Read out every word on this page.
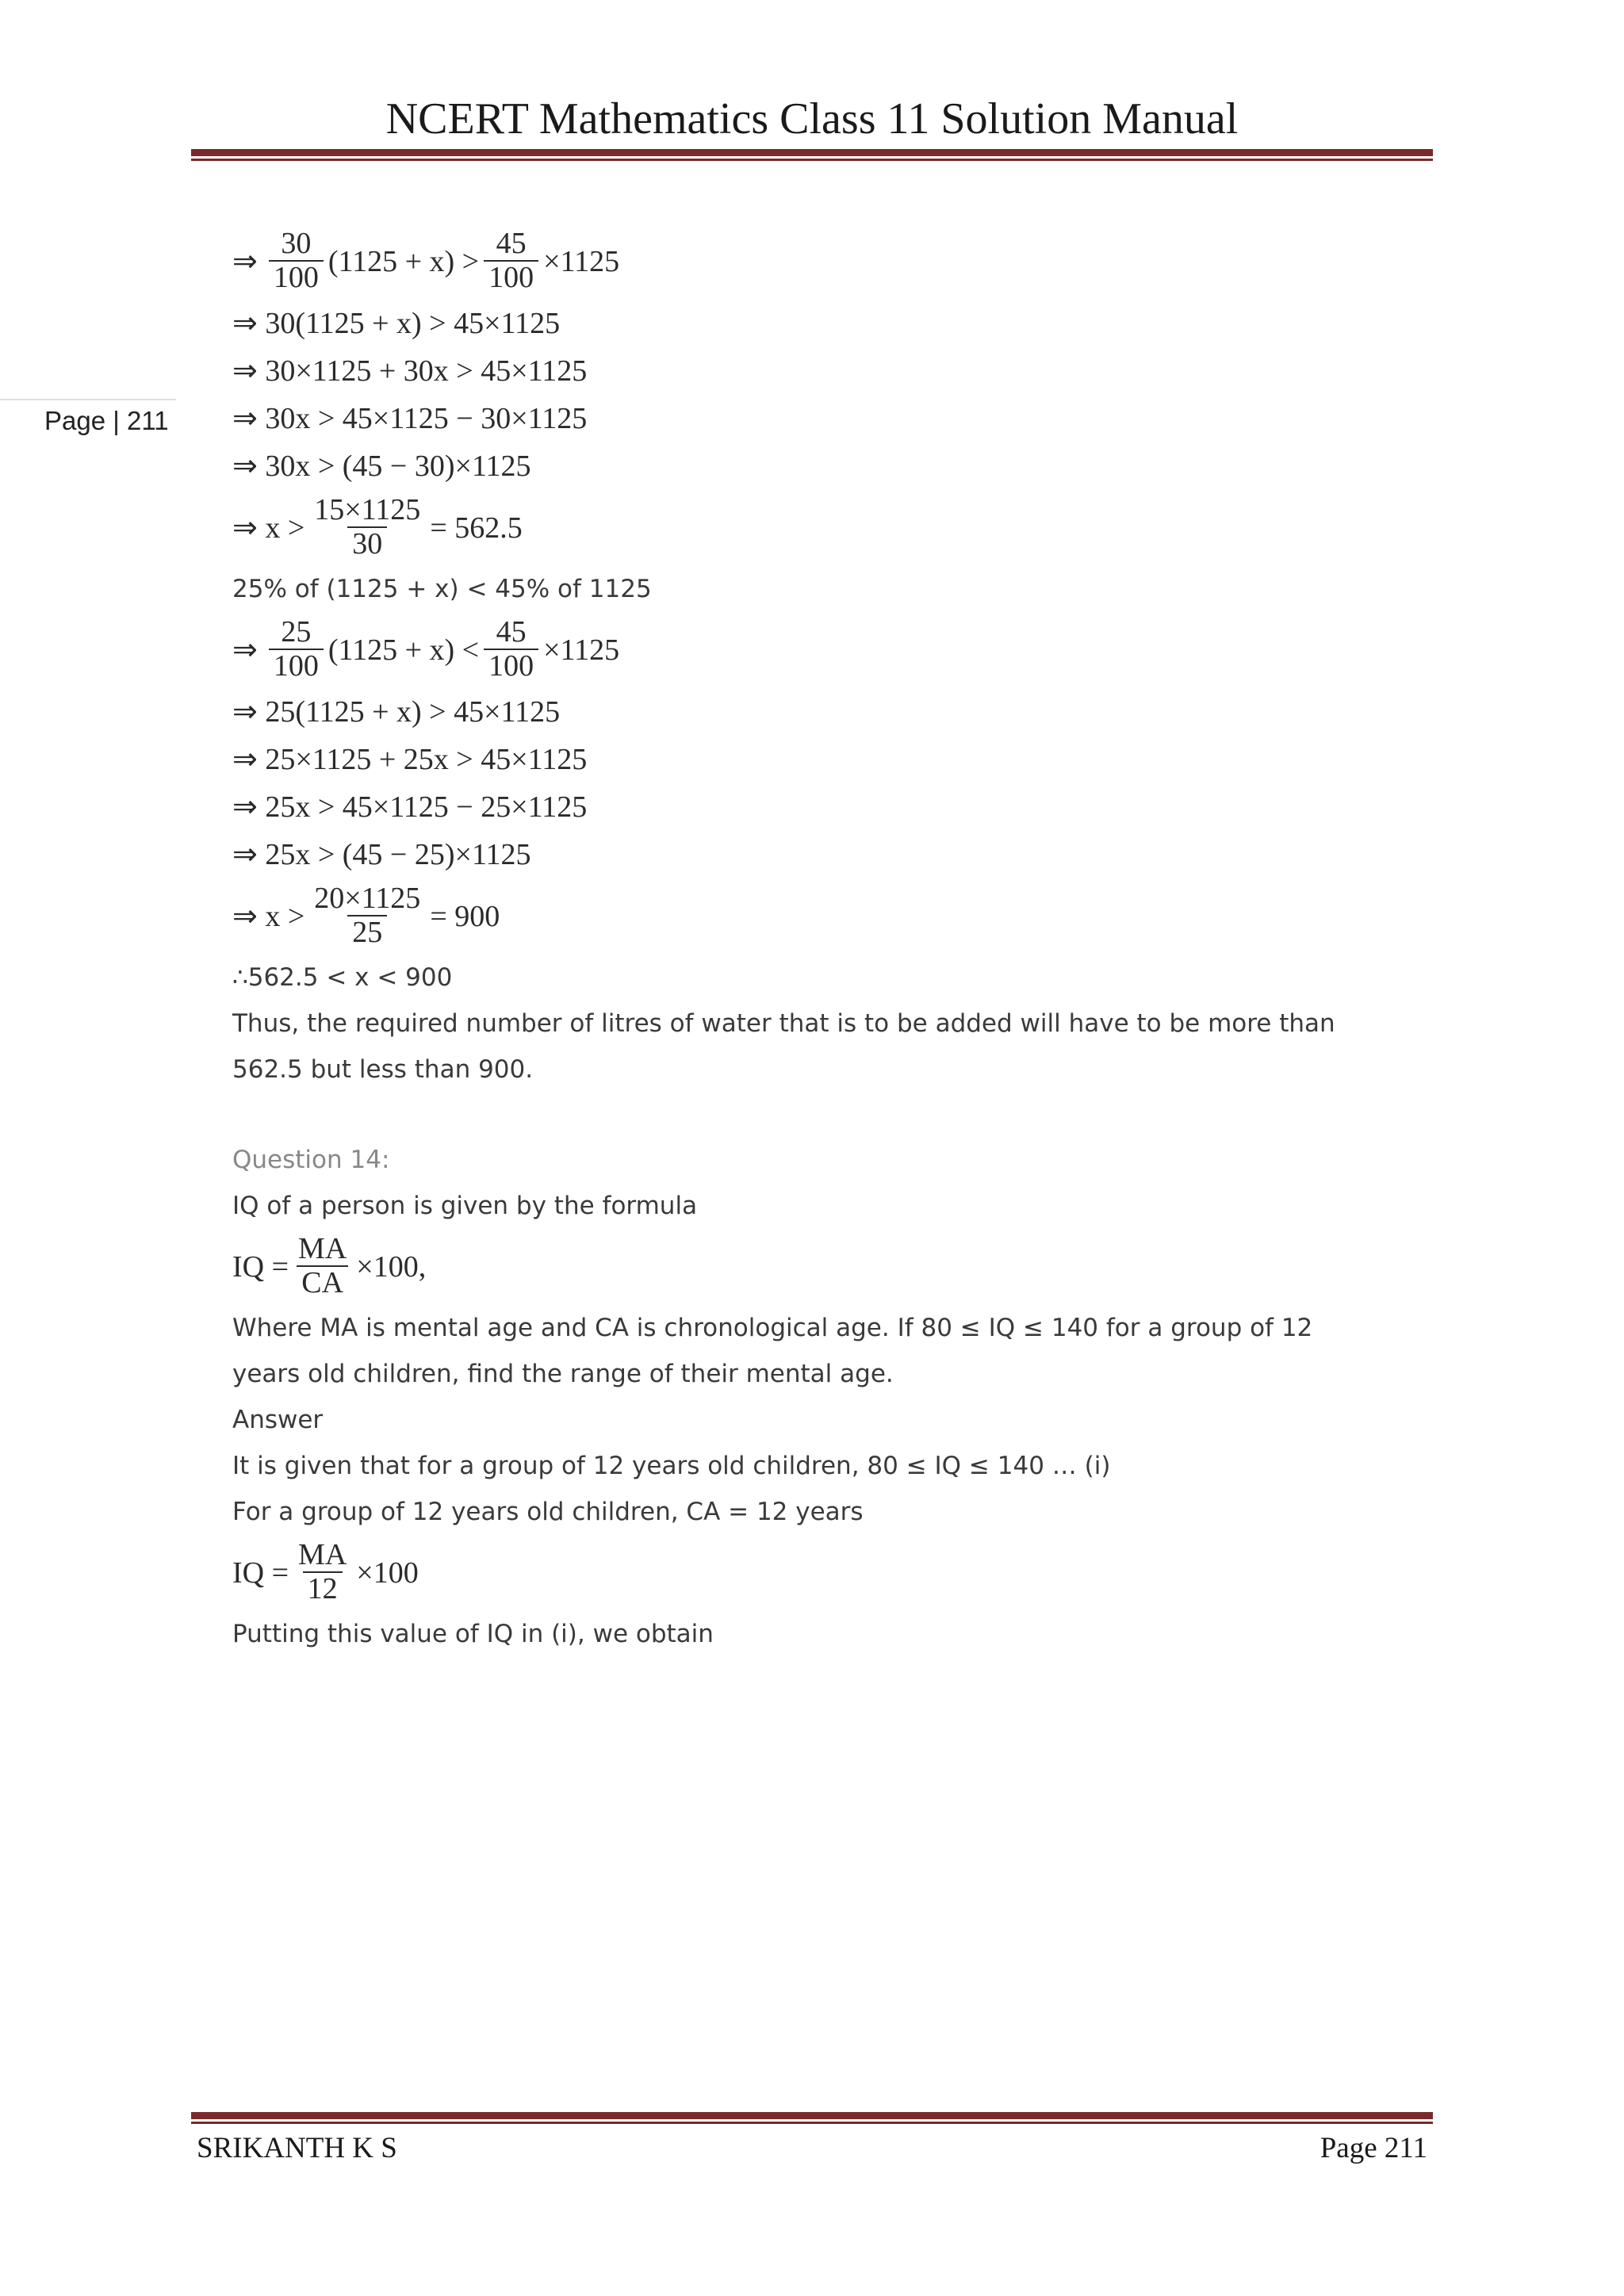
NCERT Mathematics Class 11 Solution Manual
Page | 211
⇒ $\frac{30}{100} (1125 + x) > \frac{45}{100} \times 1125$
⇒ 30(1125 + x) > 45×1125
⇒ 30×1125 + 30x > 45×1125
⇒ 30x > 45×1125 − 30×1125
⇒ 30x > (45 − 30)×1125
⇒ $x > \frac{15\times 1125}{30} = 562.5$

25% of (1125 + x) < 45% of 1125

⇒ $\frac{25}{100} (1125 + x) < \frac{45}{100} \times 1125$
⇒ 25(1125 + x) > 45×1125
⇒ 25×1125 + 25x > 45×1125
⇒ 25x > 45×1125 − 25×1125
⇒ 25x > (45 − 25)×1125
⇒ $x > \frac{20\times 1125}{25} = 900$

∴562.5 < x < 900

Thus, the required number of litres of water that is to be added will have to be more than

562.5 but less than 900.

Question 14:

IQ of a person is given by the formula

IQ = $\frac{MA}{CA} \times 100$,

Where MA is mental age and CA is chronological age. If 80 ≤ IQ ≤ 140 for a group of 12

years old children, find the range of their mental age.

Answer

It is given that for a group of 12 years old children, 80 ≤ IQ ≤ 140 … (i)

For a group of 12 years old children, CA = 12 years

IQ = $\frac{MA}{12} \times 100$

Putting this value of IQ in (i), we obtain

SRIKANTH K S	Page 211
